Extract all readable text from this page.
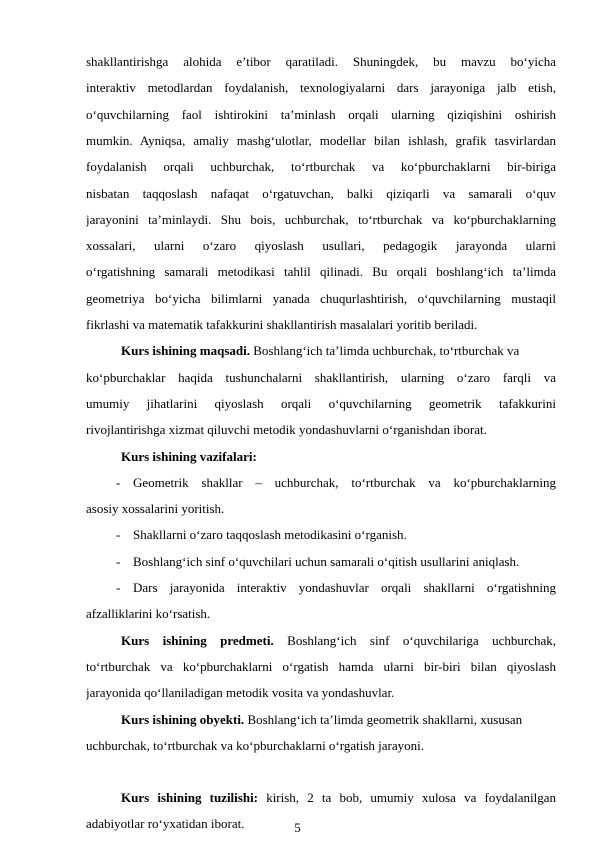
shakllantirishga alohida e’tibor qaratiladi. Shuningdek, bu mavzu bo‘yicha
interaktiv metodlardan foydalanish, texnologiyalarni dars jarayoniga jalb etish,
o‘quvchilarning faol ishtirokini ta’minlash orqali ularning qiziqishini oshirish
mumkin. Ayniqsa, amaliy mashg‘ulotlar, modellar bilan ishlash, grafik tasvirlardan
foydalanish orqali uchburchak, to‘rtburchak va ko‘pburchaklarni bir-biriga
nisbatan taqqoslash nafaqat o‘rgatuvchan, balki qiziqarli va samarali o‘quv
jarayonini ta’minlaydi. Shu bois, uchburchak, to‘rtburchak va ko‘pburchaklarning
xossalari, ularni o‘zaro qiyoslash usullari, pedagogik jarayonda ularni
o‘rgatishning samarali metodikasi tahlil qilinadi. Bu orqali boshlang‘ich ta’limda
geometriya bo‘yicha bilimlarni yanada chuqurlashtirish, o‘quvchilarning mustaqil
fikrlashi va matematik tafakkurini shakllantirish masalalari yoritib beriladi.
Kurs ishining maqsadi. Boshlang‘ich ta’limda uchburchak, to‘rtburchak va
ko‘pburchaklar haqida tushunchalarni shakllantirish, ularning o‘zaro farqli va
umumiy jihatlarini qiyoslash orqali o‘quvchilarning geometrik tafakkurini
rivojlantirishga xizmat qiluvchi metodik yondashuvlarni o‘rganishdan iborat.
Kurs ishining vazifalari:
- Geometrik shakllar – uchburchak, to‘rtburchak va ko‘pburchaklarning
asosiy xossalarini yoritish.
- Shakllarni o‘zaro taqqoslash metodikasini o‘rganish.
- Boshlang‘ich sinf o‘quvchilari uchun samarali o‘qitish usullarini aniqlash.
- Dars jarayonida interaktiv yondashuvlar orqali shakllarni o‘rgatishning
afzalliklarini ko‘rsatish.
Kurs ishining predmeti. Boshlang‘ich sinf o‘quvchilariga uchburchak,
to‘rtburchak va ko‘pburchaklarni o‘rgatish hamda ularni bir-biri bilan qiyoslash
jarayonida qo‘llaniladigan metodik vosita va yondashuvlar.
Kurs ishining obyekti. Boshlang‘ich ta’limda geometrik shakllarni, xususan
uchburchak, to‘rtburchak va ko‘pburchaklarni o‘rgatish jarayoni.
Kurs ishining tuzilishi: kirish, 2 ta bob, umumiy xulosa va foydalanilgan
adabiyotlar ro‘yxatidan iborat.	5
